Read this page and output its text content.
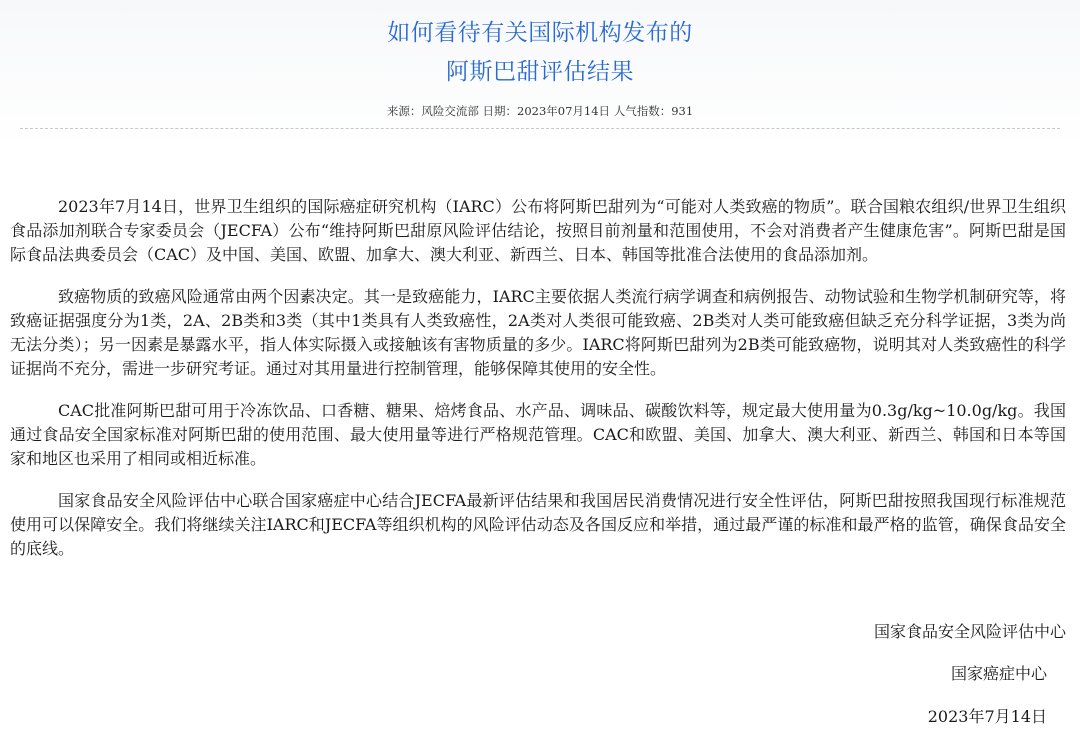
如何看待有关国际机构发布的
阿斯巴甜评估结果
来源：风险交流部 日期：2023年07月14日 人气指数：931

2023年7月14日，世界卫生组织的国际癌症研究机构（IARC）公布将阿斯巴甜列为“可能对人类致癌的物质”。联合国粮农组织/世界卫生组织食品添加剂联合专家委员会（JECFA）公布“维持阿斯巴甜原风险评估结论，按照目前剂量和范围使用，不会对消费者产生健康危害”。阿斯巴甜是国际食品法典委员会（CAC）及中国、美国、欧盟、加拿大、澳大利亚、新西兰、日本、韩国等批准合法使用的食品添加剂。

致癌物质的致癌风险通常由两个因素决定。其一是致癌能力，IARC主要依据人类流行病学调查和病例报告、动物试验和生物学机制研究等，将致癌证据强度分为1类，2A、2B类和3类（其中1类具有人类致癌性，2A类对人类很可能致癌、2B类对人类可能致癌但缺乏充分科学证据，3类为尚无法分类）；另一因素是暴露水平，指人体实际摄入或接触该有害物质量的多少。IARC将阿斯巴甜列为2B类可能致癌物，说明其对人类致癌性的科学证据尚不充分，需进一步研究考证。通过对其用量进行控制管理，能够保障其使用的安全性。

CAC批准阿斯巴甜可用于冷冻饮品、口香糖、糖果、焙烤食品、水产品、调味品、碳酸饮料等，规定最大使用量为0.3g/kg~10.0g/kg。我国通过食品安全国家标准对阿斯巴甜的使用范围、最大使用量等进行严格规范管理。CAC和欧盟、美国、加拿大、澳大利亚、新西兰、韩国和日本等国家和地区也采用了相同或相近标准。

国家食品安全风险评估中心联合国家癌症中心结合JECFA最新评估结果和我国居民消费情况进行安全性评估，阿斯巴甜按照我国现行标准规范使用可以保障安全。我们将继续关注IARC和JECFA等组织机构的风险评估动态及各国反应和举措，通过最严谨的标准和最严格的监管，确保食品安全的底线。

国家食品安全风险评估中心
国家癌症中心
2023年7月14日
